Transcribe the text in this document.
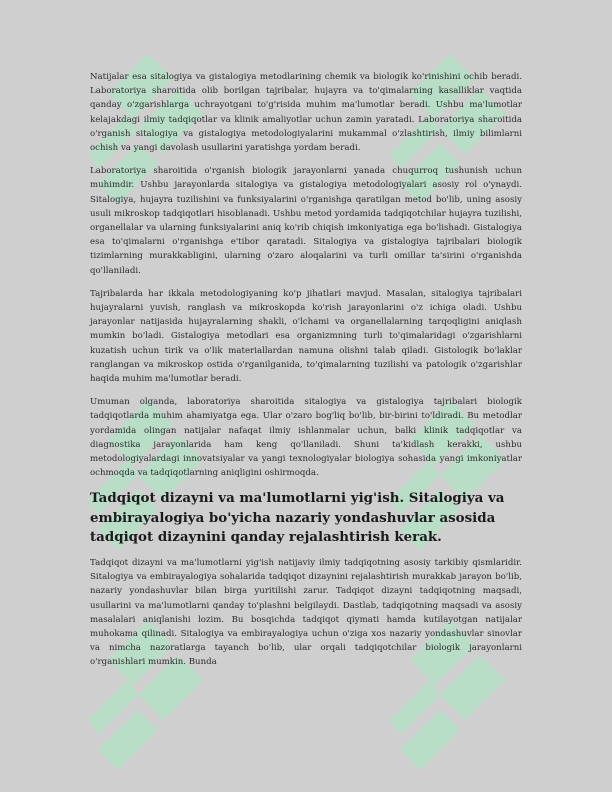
Natijalar esa sitalogiya va gistalogiya metodlarining chemik va biologik ko'rinishini ochib beradi. Laboratoriya sharoitida olib borilgan tajribalar, hujayra va to'qimalarning kasalliklar vaqtida qanday o'zgarishlarga uchrayotgani to'g'risida muhim ma'lumotlar beradi. Ushbu ma'lumotlar kelajakdagi ilmiy tadqiqotlar va klinik amaliyotlar uchun zamin yaratadi. Laboratoriya sharoitida o'rganish sitalogiya va gistalogiya metodologiyalarini mukammal o'zlashtirish, ilmiy bilimlarni ochish va yangi davolash usullarini yaratishga yordam beradi.

Laboratoriya sharoitida o'rganish biologik jarayonlarni yanada chuqurroq tushunish uchun muhimdir. Ushbu jarayonlarda sitalogiya va gistalogiya metodologiyalari asosiy rol o'ynaydi. Sitalogiya, hujayra tuzilishini va funksiyalarini o'rganishga qaratilgan metod bo'lib, uning asosiy usuli mikroskop tadqiqotlari hisoblanadi. Ushbu metod yordamida tadqiqotchilar hujayra tuzilishi, organellalar va ularning funksiyalarini aniq ko'rib chiqish imkoniyatiga ega bo'lishadi. Gistalogiya esa to'qimalarni o'rganishga e'tibor qaratadi. Sitalogiya va gistalogiya tajribalari biologik tizimlarning murakkabligini, ularning o'zaro aloqalarini va turli omillar ta'sirini o'rganishda qo'llaniladi.

Tajribalarda har ikkala metodologiyaning ko'p jihatlari mavjud. Masalan, sitalogiya tajribalari hujayralarni yuvish, ranglash va mikroskopda ko'rish jarayonlarini o'z ichiga oladi. Ushbu jarayonlar natijasida hujayralarning shakli, o'lchami va organellalarning tarqoqligini aniqlash mumkin bo'ladi. Gistalogiya metodlari esa organizmning turli to'qimalaridagi o'zgarishlarni kuzatish uchun tirik va o'lik materiallardan namuna olishni talab qiladi. Gistologik bo'laklar ranglangan va mikroskop ostida o'rganilganida, to'qimalarning tuzilishi va patologik o'zgarishlar haqida muhim ma'lumotlar beradi.

Umuman olganda, laboratoriya sharoitida sitalogiya va gistalogiya tajribalari biologik tadqiqotlarda muhim ahamiyatga ega. Ular o'zaro bog'liq bo'lib, bir-birini to'ldiradi. Bu metodlar yordamida olingan natijalar nafaqat ilmiy ishlanmalar uchun, balki klinik tadqiqotlar va diagnostika jarayonlarida ham keng qo'llaniladi. Shuni ta'kidlash kerakki, ushbu metodologiyalardagi innovatsiyalar va yangi texnologiyalar biologiya sohasida yangi imkoniyatlar ochmoqda va tadqiqotlarning aniqligini oshirmoqda.

Tadqiqot dizayni va ma'lumotlarni yig'ish. Sitalogiya va embirayalogiya bo'yicha nazariy yondashuvlar asosida tadqiqot dizaynini qanday rejalashtirish kerak.

Tadqiqot dizayni va ma'lumotlarni yig'ish natijaviy ilmiy tadqiqotning asosiy tarkibiy qismlaridir. Sitalogiya va embirayalogiya sohalarida tadqiqot dizaynini rejalashtirish murakkab jarayon bo'lib, nazariy yondashuvlar bilan birga yuritilishi zarur. Tadqiqot dizayni tadqiqotning maqsadi, usullarini va ma'lumotlarni qanday to'plashni belgilaydi. Dastlab, tadqiqotning maqsadi va asosiy masalalari aniqlanishi lozim. Bu bosqichda tadqiqot qiymati hamda kutilayotgan natijalar muhokama qilinadi. Sitalogiya va embirayalogiya uchun o'ziga xos nazariy yondashuvlar sinovlar va nimcha nazoratlarga tayanch bo'lib, ular orqali tadqiqotchilar biologik jarayonlarni o'rganishlari mumkin. Bunda
